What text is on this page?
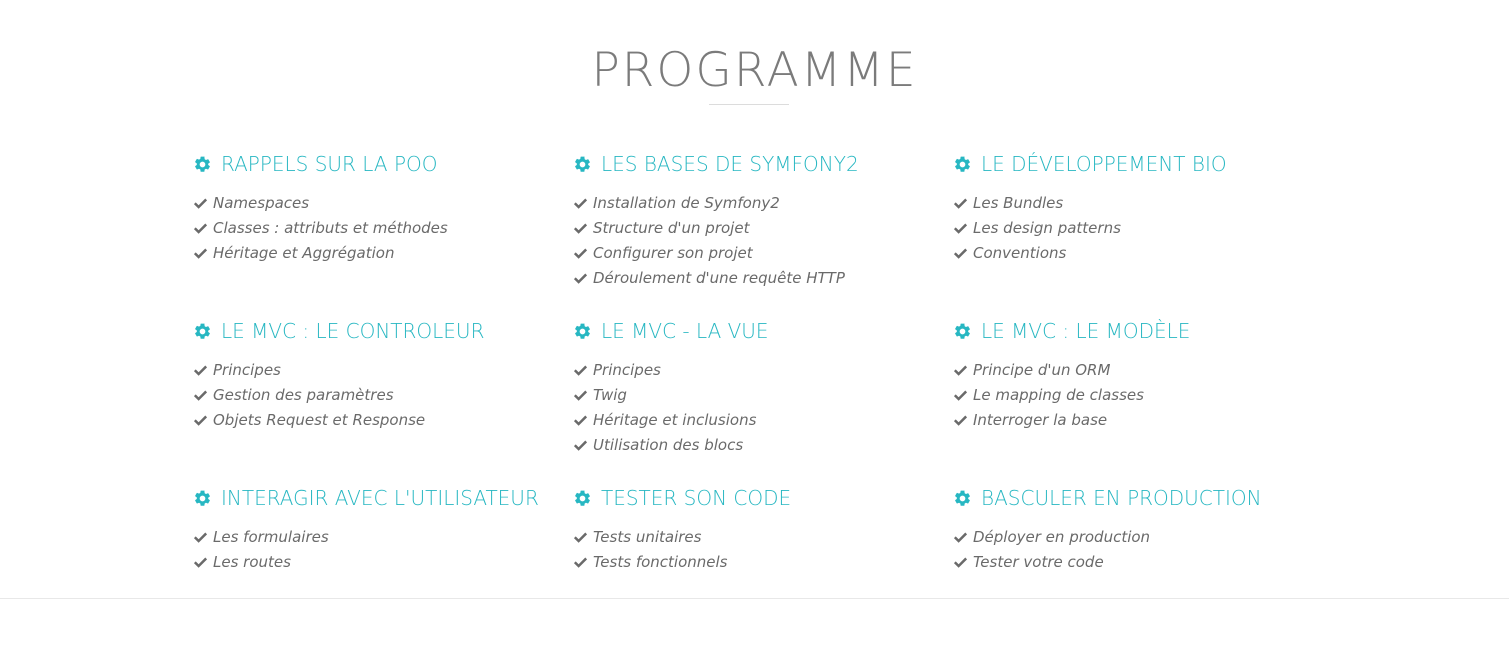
PROGRAMME
RAPPELS SUR LA POO
Namespaces
Classes : attributs et méthodes
Héritage et Aggrégation
LES BASES DE SYMFONY2
Installation de Symfony2
Structure d'un projet
Configurer son projet
Déroulement d'une requête HTTP
LE DÉVELOPPEMENT BIO
Les Bundles
Les design patterns
Conventions
LE MVC : LE CONTROLEUR
Principes
Gestion des paramètres
Objets Request et Response
LE MVC - LA VUE
Principes
Twig
Héritage et inclusions
Utilisation des blocs
LE MVC : LE MODÈLE
Principe d'un ORM
Le mapping de classes
Interroger la base
INTERAGIR AVEC L'UTILISATEUR
Les formulaires
Les routes
TESTER SON CODE
Tests unitaires
Tests fonctionnels
BASCULER EN PRODUCTION
Déployer en production
Tester votre code
